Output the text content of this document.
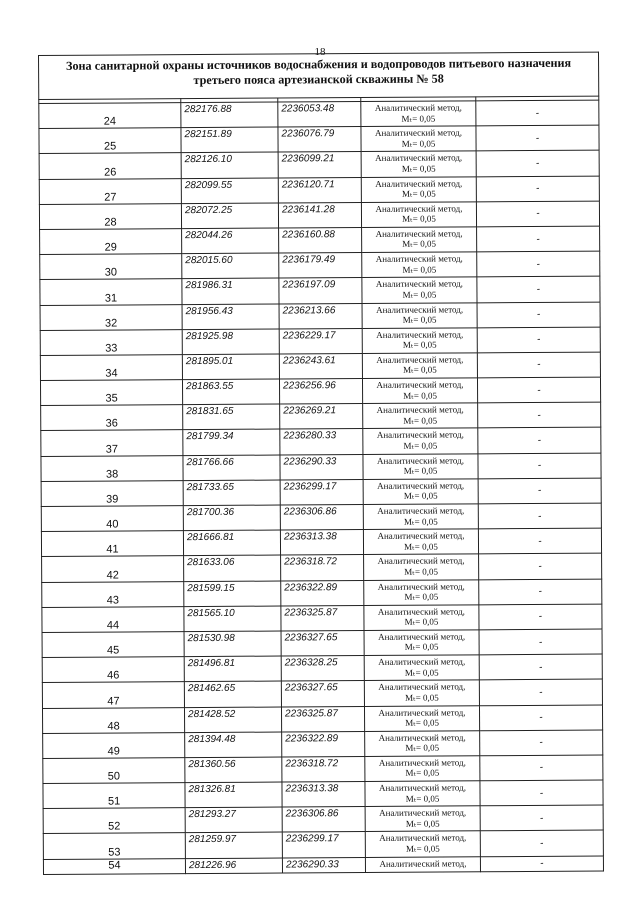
18
Зона санитарной охраны источников водоснабжения и водопроводов питьевого назначения третьего пояса артезианской скважины № 58				

24	282176.88	2236053.48	Аналитический метод,
Mₜ= 0,05	-
25	282151.89	2236076.79	Аналитический метод,
Mₜ= 0,05	-
26	282126.10	2236099.21	Аналитический метод,
Mₜ= 0,05	-
27	282099.55	2236120.71	Аналитический метод,
Mₜ= 0,05	-
28	282072.25	2236141.28	Аналитический метод,
Mₜ= 0,05	-
29	282044.26	2236160.88	Аналитический метод,
Mₜ= 0,05	-
30	282015.60	2236179.49	Аналитический метод,
Mₜ= 0,05	-
31	281986.31	2236197.09	Аналитический метод,
Mₜ= 0,05	-
32	281956.43	2236213.66	Аналитический метод,
Mₜ= 0,05	-
33	281925.98	2236229.17	Аналитический метод,
Mₜ= 0,05	-
34	281895.01	2236243.61	Аналитический метод,
Mₜ= 0,05	-
35	281863.55	2236256.96	Аналитический метод,
Mₜ= 0,05	-
36	281831.65	2236269.21	Аналитический метод,
Mₜ= 0,05	-
37	281799.34	2236280.33	Аналитический метод,
Mₜ= 0,05	-
38	281766.66	2236290.33	Аналитический метод,
Mₜ= 0,05	-
39	281733.65	2236299.17	Аналитический метод,
Mₜ= 0,05	-
40	281700.36	2236306.86	Аналитический метод,
Mₜ= 0,05	-
41	281666.81	2236313.38	Аналитический метод,
Mₜ= 0,05	-
42	281633.06	2236318.72	Аналитический метод,
Mₜ= 0,05	-
43	281599.15	2236322.89	Аналитический метод,
Mₜ= 0,05	-
44	281565.10	2236325.87	Аналитический метод,
Mₜ= 0,05	-
45	281530.98	2236327.65	Аналитический метод,
Mₜ= 0,05	-
46	281496.81	2236328.25	Аналитический метод,
Mₜ= 0,05	-
47	281462.65	2236327.65	Аналитический метод,
Mₜ= 0,05	-
48	281428.52	2236325.87	Аналитический метод,
Mₜ= 0,05	-
49	281394.48	2236322.89	Аналитический метод,
Mₜ= 0,05	-
50	281360.56	2236318.72	Аналитический метод,
Mₜ= 0,05	-
51	281326.81	2236313.38	Аналитический метод,
Mₜ= 0,05	-
52	281293.27	2236306.86	Аналитический метод,
Mₜ= 0,05	-
53	281259.97	2236299.17	Аналитический метод,
Mₜ= 0,05	-
54	281226.96	2236290.33	Аналитический метод,	-
